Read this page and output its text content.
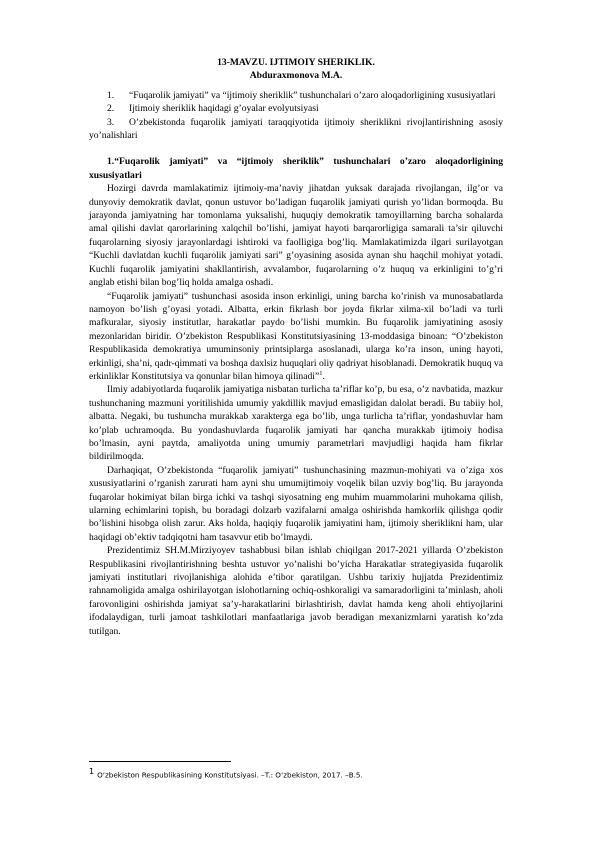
13-MAVZU. IJTIMOIY SHERIKLIK.

Abduraxmonova M.A.

1. “Fuqarolik jamiyati” va “ijtimoiy sheriklik” tushunchalari o’zaro aloqadorligining xususiyatlari

2. Ijtimoiy sheriklik haqidagi g’oyalar evolyutsiyasi

3. O’zbekistonda fuqarolik jamiyati taraqqiyotida ijtimoiy sheriklikni rivojlantirishning asosiy yo’nalishlari

1.“Fuqarolik jamiyati” va “ijtimoiy sheriklik” tushunchalari o’zaro aloqadorligining xususiyatlari

Hozirgi davrda mamlakatimiz ijtimoiy-ma’naviy jihatdan yuksak darajada rivojlangan, ilg’or va dunyoviy demokratik davlat, qonun ustuvor bo’ladigan fuqarolik jamiyati qurish yo’lidan bormoqda. Bu jarayonda jamiyatning har tomonlama yuksalishi, huquqiy demokratik tamoyillarning barcha sohalarda amal qilishi davlat qarorlarining xalqchil bo’lishi, jamiyat hayoti barqarorligiga samarali ta’sir qiluvchi fuqarolarning siyosiy jarayonlardagi ishtiroki va faolligiga bog’liq. Mamlakatimizda ilgari surilayotgan “Kuchli davlatdan kuchli fuqarolik jamiyati sari” g’oyasining asosida aynan shu haqchil mohiyat yotadi. Kuchli fuqarolik jamiyatini shakllantirish, avvalambor, fuqarolarning o’z huquq va erkinligini to’g’ri anglab etishi bilan bog’liq holda amalga oshadi.

“Fuqarolik jamiyati” tushunchasi asosida inson erkinligi, uning barcha ko’rinish va munosabatlarda namoyon bo’lish g’oyasi yotadi. Albatta, erkin fikrlash bor joyda fikrlar xilma-xil bo’ladi va turli mafkuralar, siyosiy institutlar, harakatlar paydo bo’lishi mumkin. Bu fuqarolik jamiyatining asosiy mezonlaridan biridir. O’zbekiston Respublikasi Konstitutsiyasining 13-moddasiga binoan: “O’zbekiston Respublikasida demokratiya umuminsoniy printsiplarga asoslanadi, ularga ko’ra inson, uning hayoti, erkinligi, sha’ni, qadr-qimmati va boshqa daxlsiz huquqlari oliy qadriyat hisoblanadi. Demokratik huquq va erkinliklar Konstitutsiya va qonunlar bilan himoya qilinadi”$^1$.

Ilmiy adabiyotlarda fuqarolik jamiyatiga nisbatan turlicha ta’riflar ko’p, bu esa, o’z navbatida, mazkur tushunchaning mazmuni yoritilishida umumiy yakdillik mavjud emasligidan dalolat beradi. Bu tabiiy hol, albatta. Negaki, bu tushuncha murakkab xarakterga ega bo’lib, unga turlicha ta’riflar, yondashuvlar ham ko’plab uchramoqda. Bu yondashuvlarda fuqarolik jamiyati har qancha murakkab ijtimoiy hodisa bo’lmasin, ayni paytda, amaliyotda uning umumiy parametrlari mavjudligi haqida ham fikrlar bildirilmoqda.

Darhaqiqat, O’zbekistonda “fuqarolik jamiyati” tushunchasining mazmun-mohiyati va o’ziga xos xususiyatlarini o’rganish zarurati ham ayni shu umumijtimoiy voqelik bilan uzviy bog’liq. Bu jarayonda fuqarolar hokimiyat bilan birga ichki va tashqi siyosatning eng muhim muammolarini muhokama qilish, ularning echimlarini topish, bu boradagi dolzarb vazifalarni amalga oshirishda hamkorlik qilishga qodir bo’lishini hisobga olish zarur. Aks holda, haqiqiy fuqarolik jamiyatini ham, ijtimoiy sheriklikni ham, ular haqidagi ob’ektiv tadqiqotni ham tasavvur etib bo’lmaydi.

Prezidentimiz SH.M.Mirziyoyev tashabbusi bilan ishlab chiqilgan 2017-2021 yillarda O’zbekiston Respublikasini rivojlantirishning beshta ustuvor yo’nalishi bo’yicha Harakatlar strategiyasida fuqarolik jamiyati institutlari rivojlanishiga alohida e’tibor qaratilgan. Ushbu tarixiy hujjatda Prezidentimiz rahnamoligida amalga oshirilayotgan islohotlarning ochiq-oshkoraligi va samaradorligini ta’minlash, aholi farovonligini oshirishda jamiyat sa’y-harakatlarini birlashtirish, davlat hamda keng aholi ehtiyojlarini ifodalaydigan, turli jamoat tashkilotlari manfaatlariga javob beradigan mexanizmlarni yaratish ko’zda tutilgan.

1 O‘zbekiston Respublikasining Konstitutsiyasi. –T.: O‘zbekiston, 2017. –B.5.
